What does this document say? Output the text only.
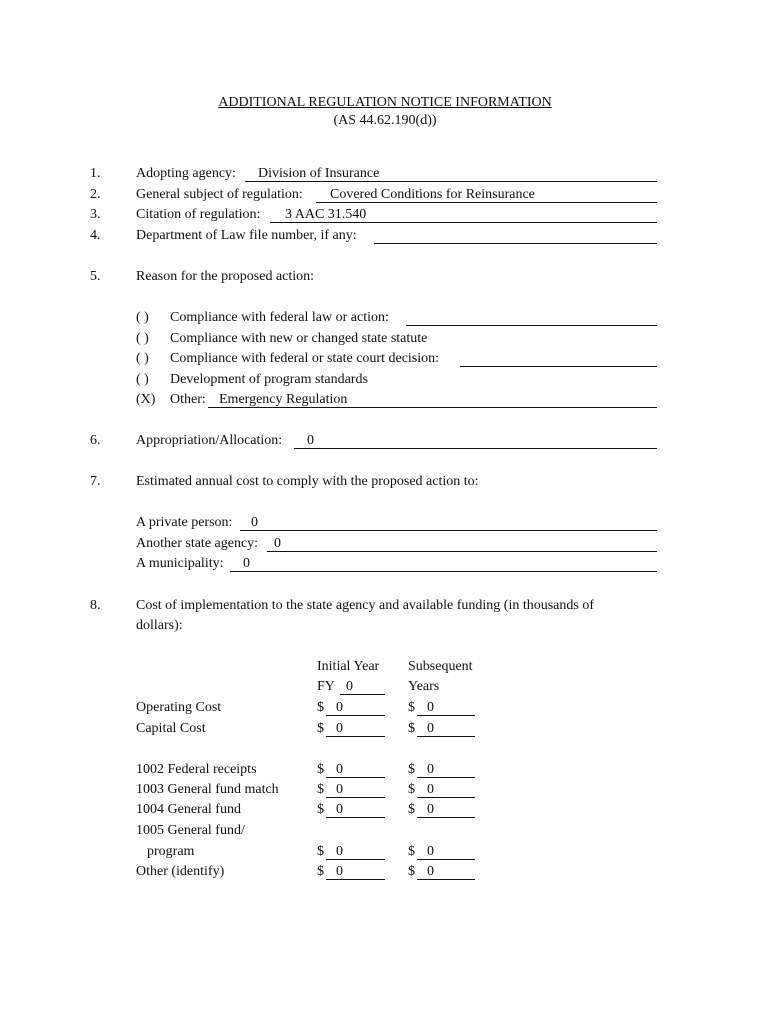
ADDITIONAL REGULATION NOTICE INFORMATION
(AS 44.62.190(d))
1.	Adopting agency: Division of Insurance
2.	General subject of regulation: Covered Conditions for Reinsurance
3.	Citation of regulation: 3 AAC 31.540
4.	Department of Law file number, if any:
5.	Reason for the proposed action:
( ) Compliance with federal law or action:
( ) Compliance with new or changed state statute
( ) Compliance with federal or state court decision:
( ) Development of program standards
(X) Other: Emergency Regulation
6.	Appropriation/Allocation: 0
7.	Estimated annual cost to comply with the proposed action to:
A private person: 0
Another state agency: 0
A municipality: 0
8.	Cost of implementation to the state agency and available funding (in thousands of
dollars):
Initial Year Subsequent
FY 0	Years
Operating Cost	$ 0	$ 0
Capital Cost	$ 0	$ 0
1002 Federal receipts	$ 0	$ 0
1003 General fund match	$ 0	$ 0
1004 General fund	$ 0	$ 0
1005 General fund/
program	$ 0	$ 0
Other (identify)	$ 0	$ 0
